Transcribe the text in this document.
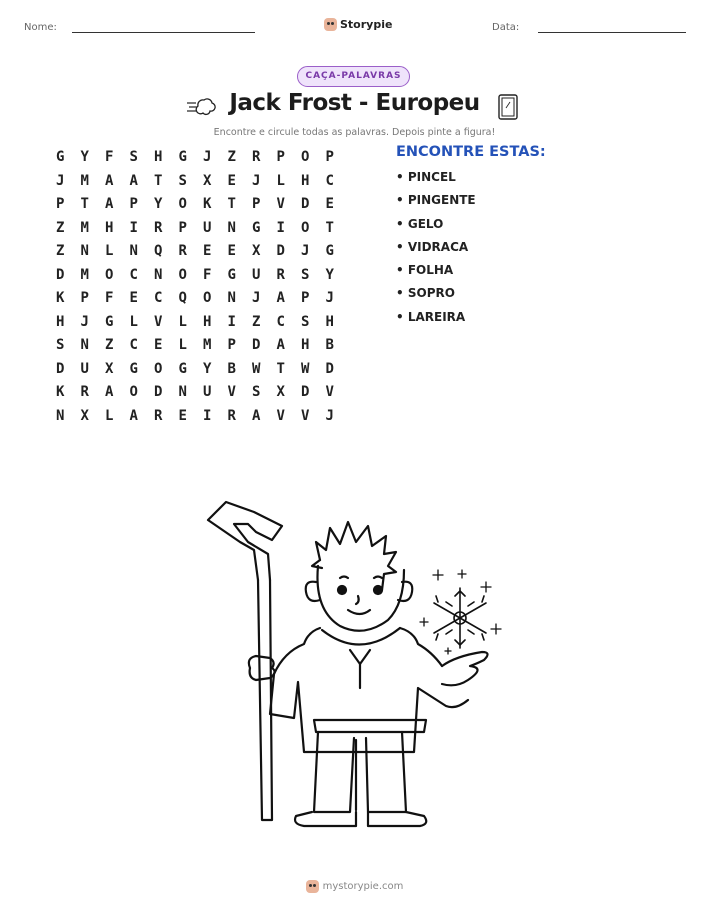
Nome:	Storypie	Data:
CAÇA-PALAVRAS
Jack Frost - Europeu
Encontre e circule todas as palavras. Depois pinte a figura!
G	Y	F	S	H	G	J	Z	R	P	O	P
J	M	A	A	T	S	X	E	J	L	H	C
P	T	A	P	Y	O	K	T	P	V	D	E
Z	M	H	I	R	P	U	N	G	I	O	T
Z	N	L	N	Q	R	E	E	X	D	J	G
D	M	O	C	N	O	F	G	U	R	S	Y
K	P	F	E	C	Q	O	N	J	A	P	J
H	J	G	L	V	L	H	I	Z	C	S	H
S	N	Z	C	E	L	M	P	D	A	H	B
D	U	X	G	O	G	Y	B	W	T	W	D
K	R	A	O	D	N	U	V	S	X	D	V
N	X	L	A	R	E	I	R	A	V	V	J
ENCONTRE ESTAS:
• PINCEL
• PINGENTE
• GELO
• VIDRACA
• FOLHA
• SOPRO
• LAREIRA
mystorypie.com
